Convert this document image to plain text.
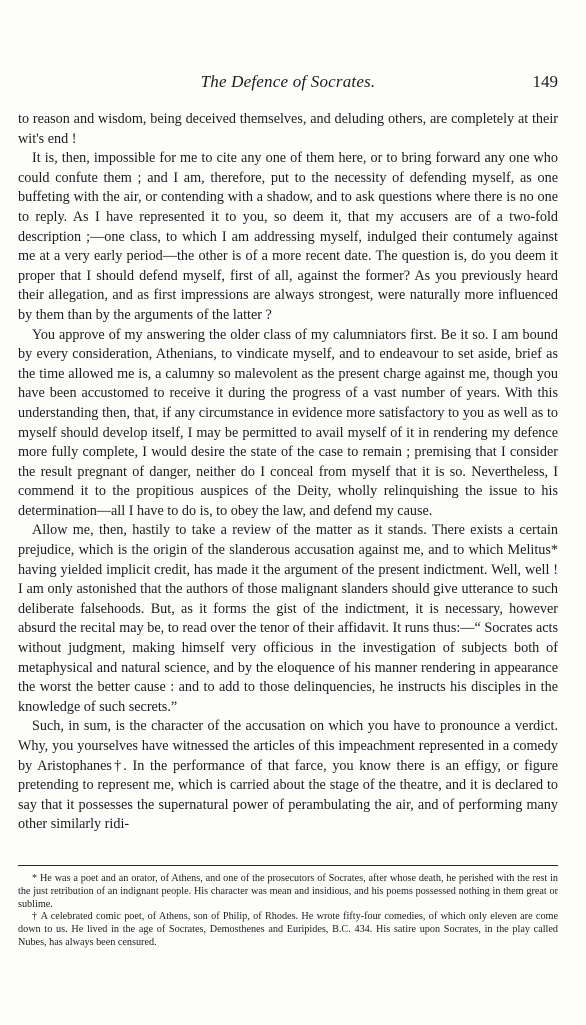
The Defence of Socrates.	149

to reason and wisdom, being deceived themselves, and deluding others, are completely at their wit's end !

It is, then, impossible for me to cite any one of them here, or to bring forward any one who could confute them ; and I am, therefore, put to the necessity of defending myself, as one buffeting with the air, or contending with a shadow, and to ask questions where there is no one to reply. As I have represented it to you, so deem it, that my accusers are of a two-fold description ;—one class, to which I am addressing myself, indulged their contumely against me at a very early period—the other is of a more recent date. The question is, do you deem it proper that I should defend myself, first of all, against the former? As you previously heard their allegation, and as first impressions are always strongest, were naturally more influenced by them than by the arguments of the latter ?

You approve of my answering the older class of my calumniators first. Be it so. I am bound by every consideration, Athenians, to vindicate myself, and to endeavour to set aside, brief as the time allowed me is, a calumny so malevolent as the present charge against me, though you have been accustomed to receive it during the progress of a vast number of years. With this understanding then, that, if any circumstance in evidence more satisfactory to you as well as to myself should develop itself, I may be permitted to avail myself of it in rendering my defence more fully complete, I would desire the state of the case to remain ; premising that I consider the result pregnant of danger, neither do I conceal from myself that it is so. Nevertheless, I commend it to the propitious auspices of the Deity, wholly relinquishing the issue to his determination—all I have to do is, to obey the law, and defend my cause.

Allow me, then, hastily to take a review of the matter as it stands. There exists a certain prejudice, which is the origin of the slanderous accusation against me, and to which Melitus* having yielded implicit credit, has made it the argument of the present indictment. Well, well ! I am only astonished that the authors of those malignant slanders should give utterance to such deliberate falsehoods. But, as it forms the gist of the indictment, it is necessary, however absurd the recital may be, to read over the tenor of their affidavit. It runs thus:—“ Socrates acts without judgment, making himself very officious in the investigation of subjects both of metaphysical and natural science, and by the eloquence of his manner rendering in appearance the worst the better cause : and to add to those delinquencies, he instructs his disciples in the knowledge of such secrets.”

Such, in sum, is the character of the accusation on which you have to pronounce a verdict. Why, you yourselves have witnessed the articles of this impeachment represented in a comedy by Aristophanes†. In the performance of that farce, you know there is an effigy, or figure pretending to represent me, which is carried about the stage of the theatre, and it is declared to say that it possesses the supernatural power of perambulating the air, and of performing many other similarly ridi-

* He was a poet and an orator, of Athens, and one of the prosecutors of Socrates, after whose death, he perished with the rest in the just retribution of an indignant people. His character was mean and insidious, and his poems possessed nothing in them great or sublime.

† A celebrated comic poet, of Athens, son of Philip, of Rhodes. He wrote fifty-four comedies, of which only eleven are come down to us. He lived in the age of Socrates, Demosthenes and Euripides, B.C. 434. His satire upon Socrates, in the play called Nubes, has always been censured.
